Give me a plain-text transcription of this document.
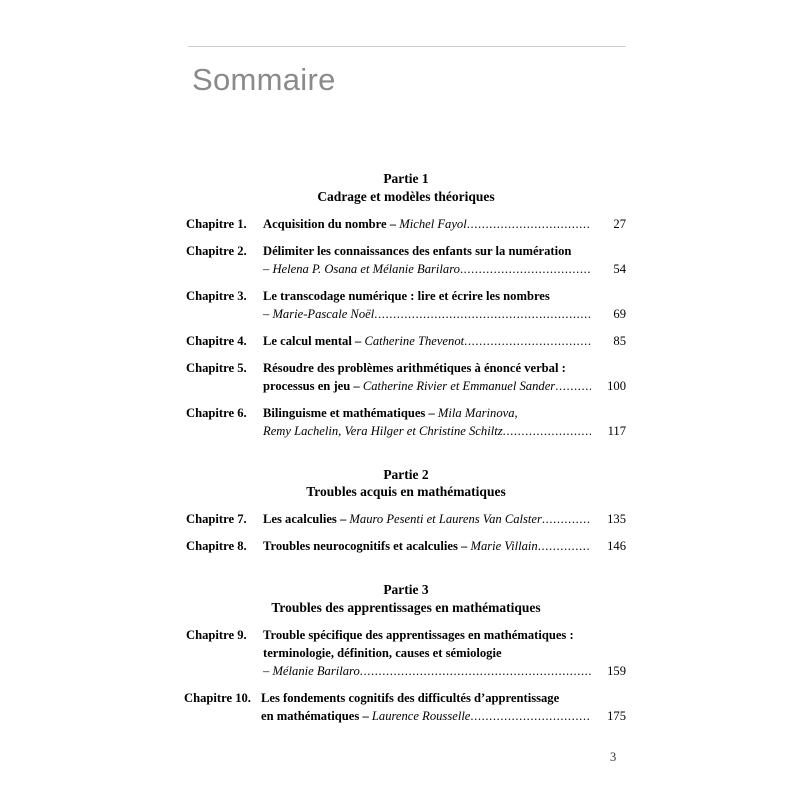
Sommaire
Partie 1
Cadrage et modèles théoriques
Chapitre 1.	Acquisition du nombre – Michel Fayol .....	27
Chapitre 2.	Délimiter les connaissances des enfants sur la numération
– Helena P. Osana et Mélanie Barilaro .....	54
Chapitre 3.	Le transcodage numérique : lire et écrire les nombres
– Marie-Pascale Noël .....	69
Chapitre 4.	Le calcul mental – Catherine Thevenot .....	85
Chapitre 5.	Résoudre des problèmes arithmétiques à énoncé verbal :
processus en jeu – Catherine Rivier et Emmanuel Sander .....	100
Chapitre 6.	Bilinguisme et mathématiques – Mila Marinova,
Remy Lachelin, Vera Hilger et Christine Schiltz .....	117
Partie 2
Troubles acquis en mathématiques
Chapitre 7.	Les acalculies – Mauro Pesenti et Laurens Van Calster .....	135
Chapitre 8.	Troubles neurocognitifs et acalculies – Marie Villain .....	146
Partie 3
Troubles des apprentissages en mathématiques
Chapitre 9.	Trouble spécifique des apprentissages en mathématiques :
terminologie, définition, causes et sémiologie
– Mélanie Barilaro .....	159
Chapitre 10. Les fondements cognitifs des difficultés d’apprentissage
en mathématiques – Laurence Rousselle .....	175
3
